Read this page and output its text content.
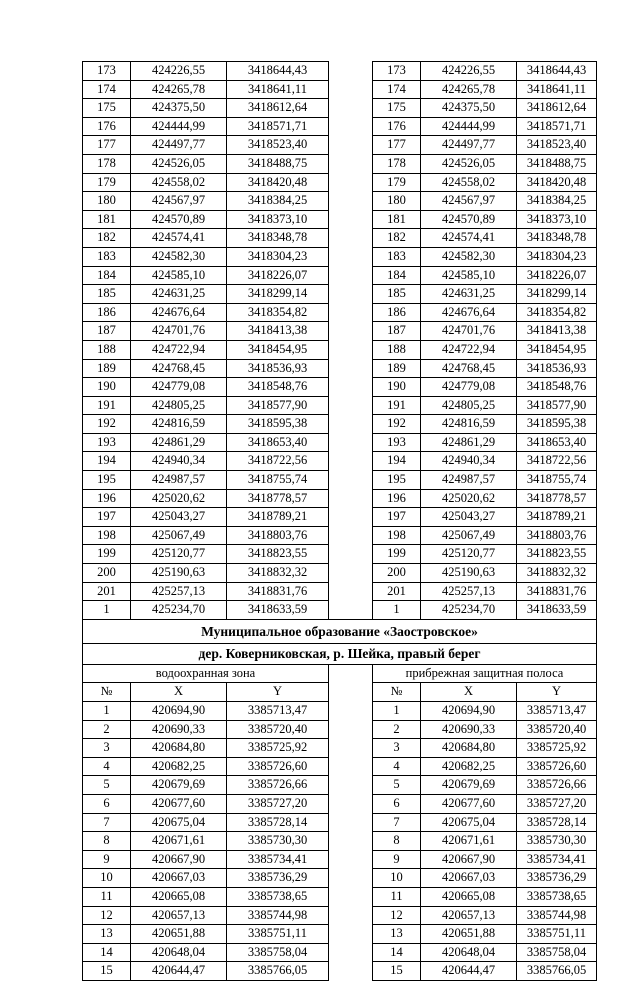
173	424226,55	3418644,43		173	424226,55	3418644,43
174	424265,78	3418641,11		174	424265,78	3418641,11
175	424375,50	3418612,64		175	424375,50	3418612,64
176	424444,99	3418571,71		176	424444,99	3418571,71
177	424497,77	3418523,40		177	424497,77	3418523,40
178	424526,05	3418488,75		178	424526,05	3418488,75
179	424558,02	3418420,48		179	424558,02	3418420,48
180	424567,97	3418384,25		180	424567,97	3418384,25
181	424570,89	3418373,10		181	424570,89	3418373,10
182	424574,41	3418348,78		182	424574,41	3418348,78
183	424582,30	3418304,23		183	424582,30	3418304,23
184	424585,10	3418226,07		184	424585,10	3418226,07
185	424631,25	3418299,14		185	424631,25	3418299,14
186	424676,64	3418354,82		186	424676,64	3418354,82
187	424701,76	3418413,38		187	424701,76	3418413,38
188	424722,94	3418454,95		188	424722,94	3418454,95
189	424768,45	3418536,93		189	424768,45	3418536,93
190	424779,08	3418548,76		190	424779,08	3418548,76
191	424805,25	3418577,90		191	424805,25	3418577,90
192	424816,59	3418595,38		192	424816,59	3418595,38
193	424861,29	3418653,40		193	424861,29	3418653,40
194	424940,34	3418722,56		194	424940,34	3418722,56
195	424987,57	3418755,74		195	424987,57	3418755,74
196	425020,62	3418778,57		196	425020,62	3418778,57
197	425043,27	3418789,21		197	425043,27	3418789,21
198	425067,49	3418803,76		198	425067,49	3418803,76
199	425120,77	3418823,55		199	425120,77	3418823,55
200	425190,63	3418832,32		200	425190,63	3418832,32
201	425257,13	3418831,76		201	425257,13	3418831,76
1	425234,70	3418633,59		1	425234,70	3418633,59
Муниципальное образование «Заостровское»						
дер. Коверниковская, р. Шейка, правый берег						
водоохранная зона				прибрежная защитная полоса		
№	X	Y		№	X	Y
1	420694,90	3385713,47		1	420694,90	3385713,47
2	420690,33	3385720,40		2	420690,33	3385720,40
3	420684,80	3385725,92		3	420684,80	3385725,92
4	420682,25	3385726,60		4	420682,25	3385726,60
5	420679,69	3385726,66		5	420679,69	3385726,66
6	420677,60	3385727,20		6	420677,60	3385727,20
7	420675,04	3385728,14		7	420675,04	3385728,14
8	420671,61	3385730,30		8	420671,61	3385730,30
9	420667,90	3385734,41		9	420667,90	3385734,41
10	420667,03	3385736,29		10	420667,03	3385736,29
11	420665,08	3385738,65		11	420665,08	3385738,65
12	420657,13	3385744,98		12	420657,13	3385744,98
13	420651,88	3385751,11		13	420651,88	3385751,11
14	420648,04	3385758,04		14	420648,04	3385758,04
15	420644,47	3385766,05		15	420644,47	3385766,05
